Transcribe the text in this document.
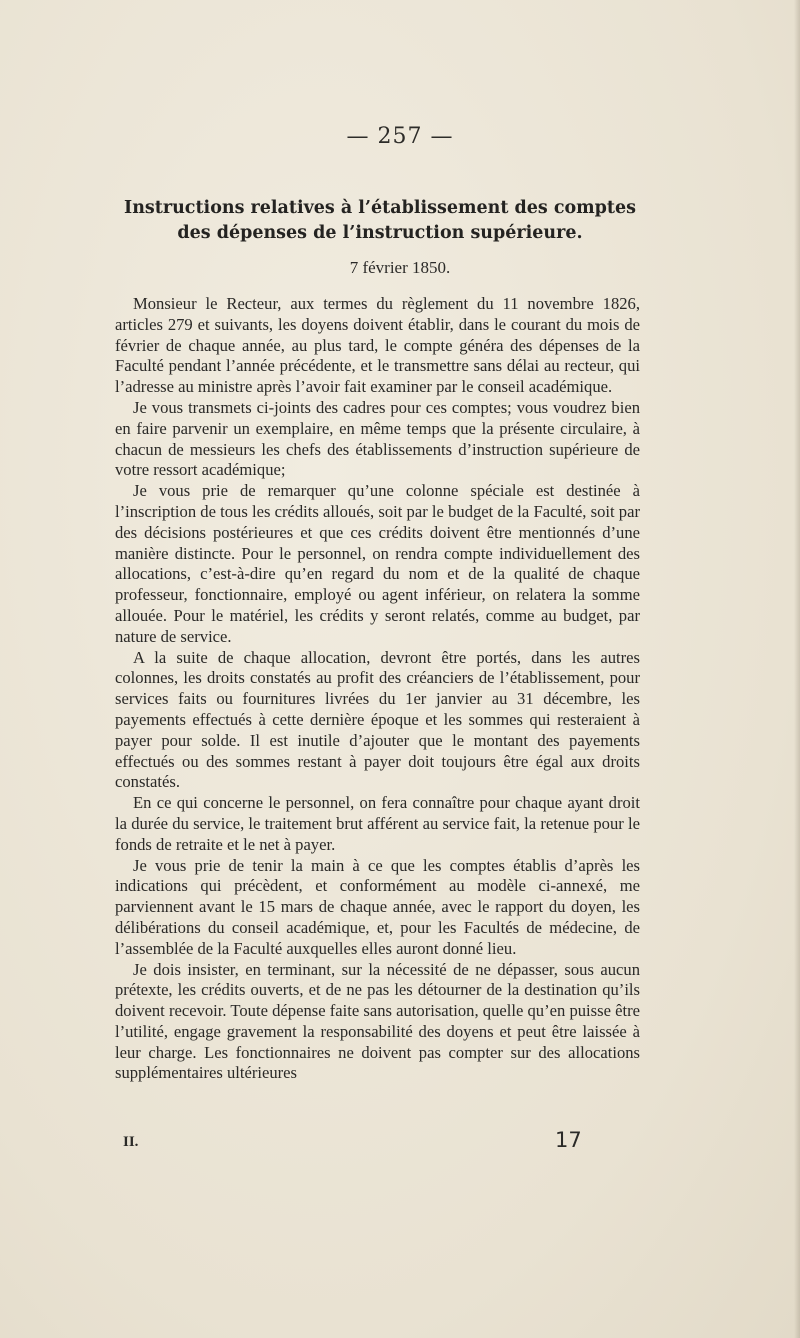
— 257 —
Instructions relatives à l’établissement des comptes des dépenses de l’instruction supérieure.
7 février 1850.

Monsieur le Recteur, aux termes du règlement du 11 novembre 1826, articles 279 et suivants, les doyens doivent établir, dans le courant du mois de février de chaque année, au plus tard, le compte généra des dépenses de la Faculté pendant l’année précédente, et le transmettre sans délai au recteur, qui l’adresse au ministre après l’avoir fait examiner par le conseil académique.

Je vous transmets ci-joints des cadres pour ces comptes; vous voudrez bien en faire parvenir un exemplaire, en même temps que la présente circulaire, à chacun de messieurs les chefs des établissements d’instruction supérieure de votre ressort académique;

Je vous prie de remarquer qu’une colonne spéciale est destinée à l’inscription de tous les crédits alloués, soit par le budget de la Faculté, soit par des décisions postérieures et que ces crédits doivent être mentionnés d’une manière distincte. Pour le personnel, on rendra compte individuellement des allocations, c’est-à-dire qu’en regard du nom et de la qualité de chaque professeur, fonctionnaire, employé ou agent inférieur, on relatera la somme allouée. Pour le matériel, les crédits y seront relatés, comme au budget, par nature de service.

A la suite de chaque allocation, devront être portés, dans les autres colonnes, les droits constatés au profit des créanciers de l’établissement, pour services faits ou fournitures livrées du 1er janvier au 31 décembre, les payements effectués à cette dernière époque et les sommes qui resteraient à payer pour solde. Il est inutile d’ajouter que le montant des payements effectués ou des sommes restant à payer doit toujours être égal aux droits constatés.

En ce qui concerne le personnel, on fera connaître pour chaque ayant droit la durée du service, le traitement brut afférent au service fait, la retenue pour le fonds de retraite et le net à payer.

Je vous prie de tenir la main à ce que les comptes établis d’après les indications qui précèdent, et conformément au modèle ci-annexé, me parviennent avant le 15 mars de chaque année, avec le rapport du doyen, les délibérations du conseil académique, et, pour les Facultés de médecine, de l’assemblée de la Faculté auxquelles elles auront donné lieu.

Je dois insister, en terminant, sur la nécessité de ne dépasser, sous aucun prétexte, les crédits ouverts, et de ne pas les détourner de la destination qu’ils doivent recevoir. Toute dépense faite sans autorisation, quelle qu’en puisse être l’utilité, engage gravement la responsabilité des doyens et peut être laissée à leur charge. Les fonctionnaires ne doivent pas compter sur des allocations supplémentaires ultérieures

II.	17
